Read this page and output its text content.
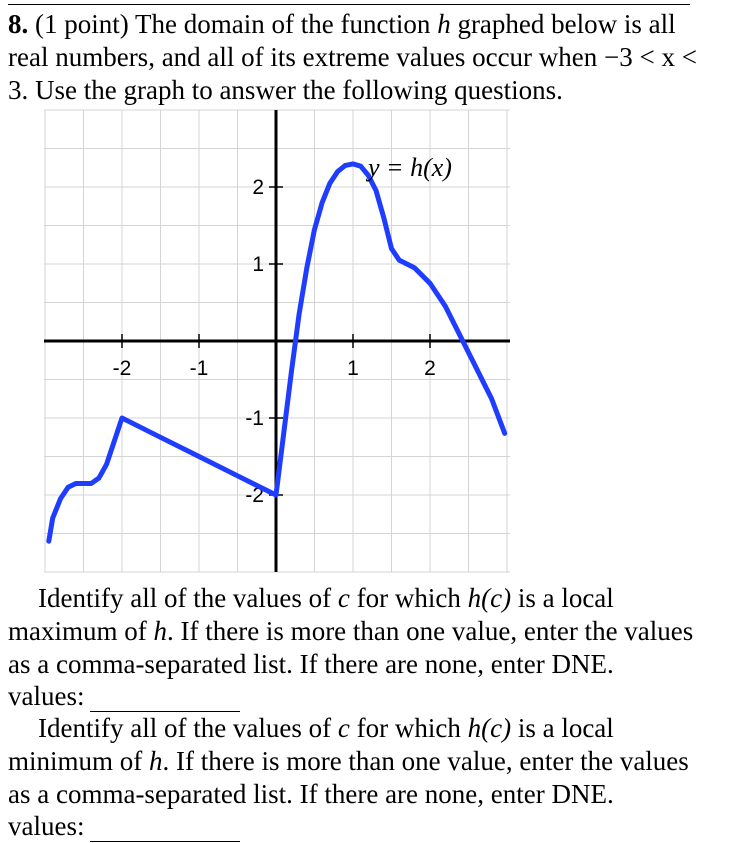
8. (1 point) The domain of the function h graphed below is all real numbers, and all of its extreme values occur when −3 < x < 3. Use the graph to answer the following questions.
-2	-1	1	2
2
1
-1
-2
y = h(x)
Identify all of the values of c for which h(c) is a local maximum of h. If there is more than one value, enter the values as a comma-separated list. If there are none, enter DNE.
values:
Identify all of the values of c for which h(c) is a local minimum of h. If there is more than one value, enter the values as a comma-separated list. If there are none, enter DNE.
values:
